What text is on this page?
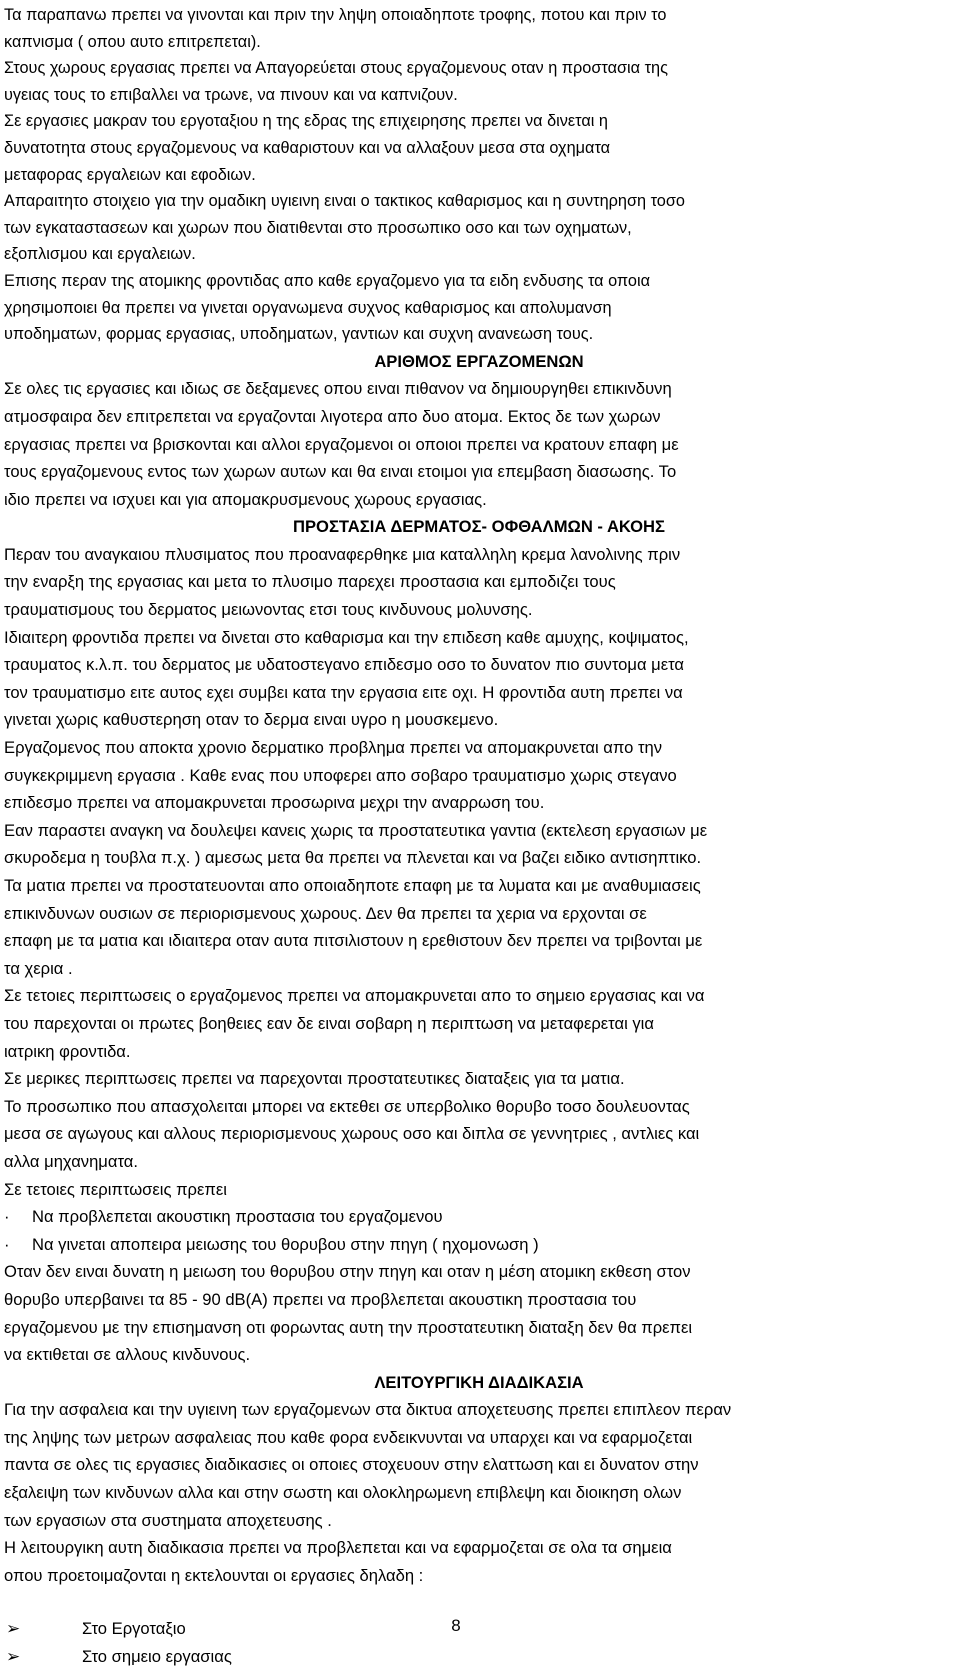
Τα παραπανω πρεπει να γινονται και πριν την ληψη οποιαδηποτε τροφης, ποτου και πριν το
καπνισμα ( οπου αυτο επιτρεπεται).
Στους χωρους εργασιας πρεπει να Απαγορεύεται στους εργαζομενους οταν η προστασια της
υγειας τους το επιβαλλει να τρωνε, να πινουν και να καπνιζουν.
Σε εργασιες μακραν του εργοταξιου η της εδρας της επιχειρησης πρεπει να δινεται η
δυνατοτητα στους εργαζομενους να καθαριστουν και να αλλαξουν μεσα στα οχηματα
μεταφορας εργαλειων και εφοδιων.
Απαραιτητο στοιχειο για την ομαδικη υγιεινη ειναι ο τακτικος καθαρισμος και η συντηρηση τοσο
των εγκαταστασεων και χωρων που διατιθενται στο προσωπικο οσο και των οχηματων,
εξοπλισμου και εργαλειων.
Επισης περαν της ατομικης φροντιδας απο καθε εργαζομενο για τα ειδη ενδυσης τα οποια
χρησιμοποιει θα πρεπει να γινεται οργανωμενα συχνος καθαρισμος και απολυμανση
υποδηματων, φορμας εργασιας, υποδηματων, γαντιων και συχνη ανανεωση τους.

ΑΡΙΘΜΟΣ ΕΡΓΑΖΟΜΕΝΩΝ

Σε ολες τις εργασιες και ιδιως σε δεξαμενες οπου ειναι πιθανον να δημιουργηθει επικινδυνη
ατμοσφαιρα δεν επιτρεπεται να εργαζονται λιγοτερα απο δυο ατομα. Εκτος δε των χωρων
εργασιας πρεπει να βρισκονται και αλλοι εργαζομενοι οι οποιοι πρεπει να κρατουν επαφη με
τους εργαζομενους εντος των χωρων αυτων και θα ειναι ετοιμοι για επεμβαση διασωσης. Το
ιδιο πρεπει να ισχυει και για απομακρυσμενους χωρους εργασιας.

ΠΡΟΣΤΑΣΙΑ ΔΕΡΜΑΤΟΣ- ΟΦΘΑΛΜΩΝ - ΑΚΟΗΣ

Περαν του αναγκαιου πλυσιματος που προαναφερθηκε μια καταλληλη κρεμα λανολινης πριν
την εναρξη της εργασιας και μετα το πλυσιμο παρεχει προστασια και εμποδιζει τους
τραυματισμους του δερματος μειωνοντας ετσι τους κινδυνους μολυνσης.
Ιδιαιτερη φροντιδα πρεπει να δινεται στο καθαρισμα και την επιδεση καθε αμυχης, κοψιματος,
τραυματος κ.λ.π. του δερματος με υδατοστεγανο επιδεσμο οσο το δυνατον πιο συντομα μετα
τον τραυματισμο ειτε αυτος εχει συμβει κατα την εργασια ειτε οχι. Η φροντιδα αυτη πρεπει να
γινεται χωρις καθυστερηση οταν το δερμα ειναι υγρο η μουσκεμενο.
Εργαζομενος που αποκτα χρονιο δερματικο προβλημα πρεπει να απομακρυνεται απο την
συγκεκριμμενη εργασια . Καθε ενας που υποφερει απο σοβαρο τραυματισμο χωρις στεγανο
επιδεσμο πρεπει να απομακρυνεται προσωρινα μεχρι την αναρρωση του.
Εαν παραστει αναγκη να δουλεψει κανεις χωρις τα προστατευτικα γαντια (εκτελεση εργασιων με
σκυροδεμα η τουβλα π.χ. ) αμεσως μετα θα πρεπει να πλενεται και να βαζει ειδικο αντισηπτικο.
Τα ματια πρεπει να προστατευονται απο οποιαδηποτε επαφη με τα λυματα και με αναθυμιασεις
επικινδυνων ουσιων σε περιορισμενους χωρους. Δεν θα πρεπει τα χερια να ερχονται σε
επαφη με τα ματια και ιδιαιτερα οταν αυτα πιτσιλιστουν η ερεθιστουν δεν πρεπει να τριβονται με
τα χερια .
Σε τετοιες περιπτωσεις ο εργαζομενος πρεπει να απομακρυνεται απο το σημειο εργασιας και να
του παρεχονται οι πρωτες βοηθειες εαν δε ειναι σοβαρη η περιπτωση να μεταφερεται για
ιατρικη φροντιδα.
Σε μερικες περιπτωσεις πρεπει να παρεχονται προστατευτικες διαταξεις για τα ματια.
Το προσωπικο που απασχολειται μπορει να εκτεθει σε υπερβολικο θορυβο τοσο δουλευοντας
μεσα σε αγωγους και αλλους περιορισμενους χωρους οσο και διπλα σε γεννητριες , αντλιες και
αλλα μηχανηματα.
Σε τετοιες περιπτωσεις πρεπει

· Να προβλεπεται ακουστικη προστασια του εργαζομενου

· Να γινεται αποπειρα μειωσης του θορυβου στην πηγη ( ηχομονωση )

Οταν δεν ειναι δυνατη η μειωση του θορυβου στην πηγη και οταν η μέση ατομικη εκθεση στον
θορυβο υπερβαινει τα 85 - 90 dB(A) πρεπει να προβλεπεται ακουστικη προστασια του
εργαζομενου με την επισημανση οτι φορωντας αυτη την προστατευτικη διαταξη δεν θα πρεπει
να εκτιθεται σε αλλους κινδυνους.

ΛΕΙΤΟΥΡΓΙΚΗ ΔΙΑΔΙΚΑΣΙΑ

Για την ασφαλεια και την υγιεινη των εργαζομενων στα δικτυα αποχετευσης πρεπει επιπλεον περαν
της ληψης των μετρων ασφαλειας που καθε φορα ενδεικνυνται να υπαρχει και να εφαρμοζεται
παντα σε ολες τις εργασιες διαδικασιες οι οποιες στοχευουν στην ελαττωση και ει δυνατον στην
εξαλειψη των κινδυνων αλλα και στην σωστη και ολοκληρωμενη επιβλεψη και διοικηση ολων
των εργασιων στα συστηματα αποχετευσης .
Η λειτουργικη αυτη διαδικασια πρεπει να προβλεπεται και να εφαρμοζεται σε ολα τα σημεια
οπου προετοιμαζονται η εκτελουνται οι εργασιες δηλαδη :

➢	Στο Εργοταξιο
➢	Στο σημειο εργασιας
8
